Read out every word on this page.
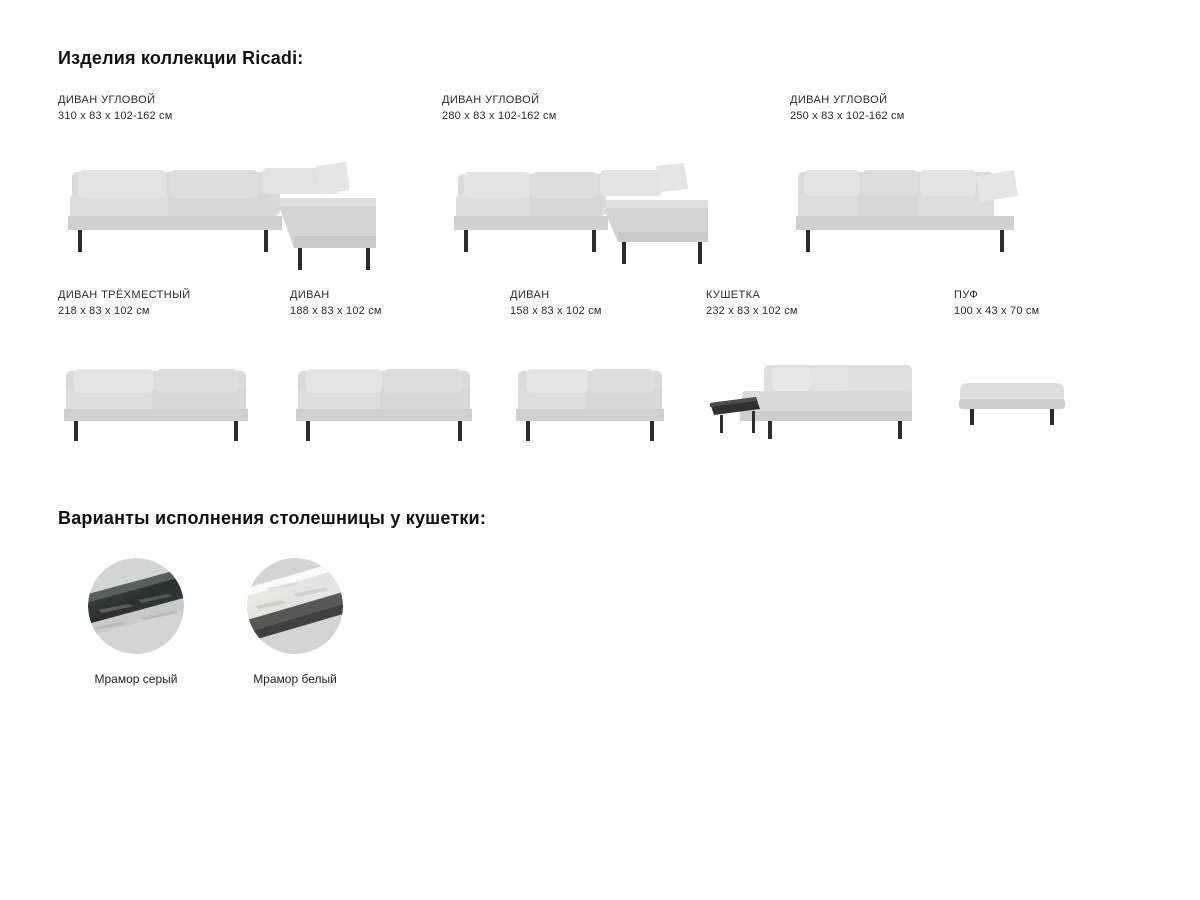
Изделия коллекции Ricadi:
ДИВАН УГЛОВОЙ
310 x 83 x 102-162 см
ДИВАН УГЛОВОЙ
280 x 83 x 102-162 см
ДИВАН УГЛОВОЙ
250 x 83 x 102-162 см
ДИВАН ТРЁХМЕСТНЫЙ
218 x 83 x 102 см
ДИВАН
188 x 83 x 102 см
ДИВАН
158 x 83 x 102 см
КУШЕТКА
232 x 83 x 102 см
ПУФ
100 x 43 x 70 см
Варианты исполнения столешницы у кушетки:
Мрамор серый	Мрамор белый
